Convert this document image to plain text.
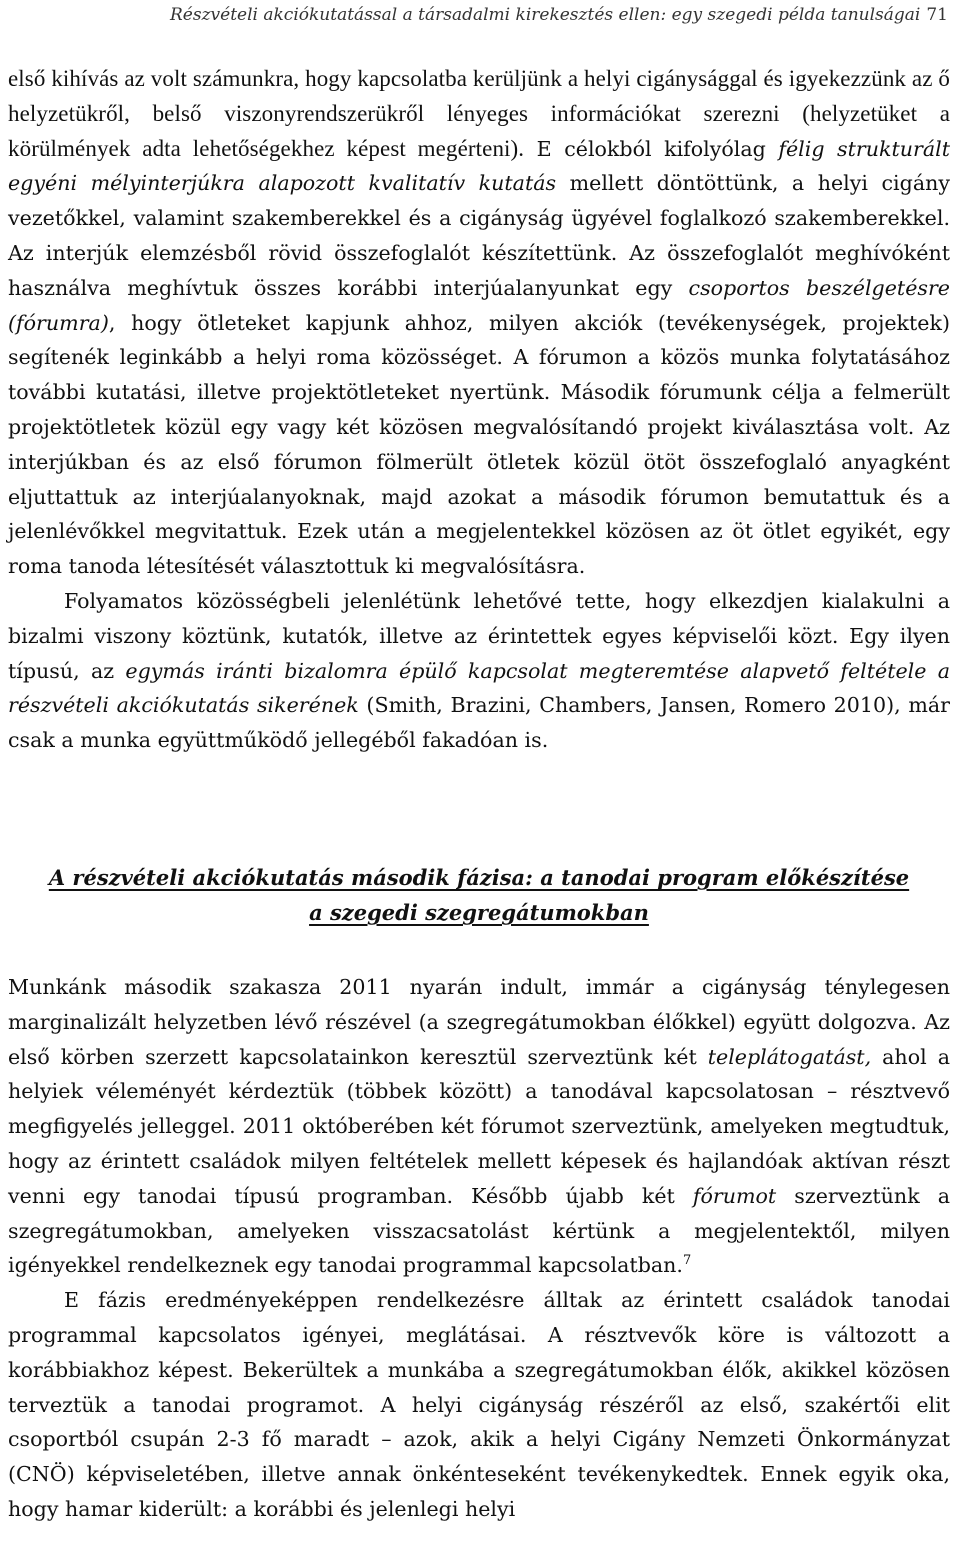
Részvételi akciókutatással a társadalmi kirekesztés ellen: egy szegedi példa tanulságai 71

első kihívás az volt számunkra, hogy kapcsolatba kerüljünk a helyi cigánysággal és igyekezzünk az ő helyzetükről, belső viszonyrendszerükről lényeges információkat szerezni (helyzetüket a körülmények adta lehetőségekhez képest megérteni). E célokból kifolyólag félig strukturált egyéni mélyinterjúkra alapozott kvalitatív kutatás mellett döntöttünk, a helyi cigány vezetőkkel, valamint szakemberekkel és a cigányság ügyével foglalkozó szakemberekkel. Az interjúk elemzésből rövid összefoglalót készítettünk. Az összefoglalót meghívóként használva meghívtuk összes korábbi interjúalanyunkat egy csoportos beszélgetésre (fórumra), hogy ötleteket kapjunk ahhoz, milyen akciók (tevékenységek, projektek) segítenék leginkább a helyi roma közösséget. A fórumon a közös munka folytatásához további kutatási, illetve projektötleteket nyertünk. Második fórumunk célja a felmerült projektötletek közül egy vagy két közösen megvalósítandó projekt kiválasztása volt. Az interjúkban és az első fórumon fölmerült ötletek közül ötöt összefoglaló anyagként eljuttattuk az interjúalanyoknak, majd azokat a második fórumon bemutattuk és a jelenlévőkkel megvitattuk. Ezek után a megjelentekkel közösen az öt ötlet egyikét, egy roma tanoda létesítését választottuk ki megvalósításra.

Folyamatos közösségbeli jelenlétünk lehetővé tette, hogy elkezdjen kialakulni a bizalmi viszony köztünk, kutatók, illetve az érintettek egyes képviselői közt. Egy ilyen típusú, az egymás iránti bizalomra épülő kapcsolat megteremtése alapvető feltétele a részvételi akciókutatás sikerének (Smith, Brazini, Chambers, Jansen, Romero 2010), már csak a munka együttműködő jellegéből fakadóan is.

A részvételi akciókutatás második fázisa: a tanodai program előkészítése
a szegedi szegregátumokban

Munkánk második szakasza 2011 nyarán indult, immár a cigányság ténylegesen marginalizált helyzetben lévő részével (a szegregátumokban élőkkel) együtt dolgozva. Az első körben szerzett kapcsolatainkon keresztül szerveztünk két teleplátogatást, ahol a helyiek véleményét kérdeztük (többek között) a tanodával kapcsolatosan – résztvevő megfigyelés jelleggel. 2011 októberében két fórumot szerveztünk, amelyeken megtudtuk, hogy az érintett családok milyen feltételek mellett képesek és hajlandóak aktívan részt venni egy tanodai típusú programban. Később újabb két fórumot szerveztünk a szegregátumokban, amelyeken visszacsatolást kértünk a megjelentektől, milyen igényekkel rendelkeznek egy tanodai programmal kapcsolatban.$^7$

E fázis eredményeképpen rendelkezésre álltak az érintett családok tanodai programmal kapcsolatos igényei, meglátásai. A résztvevők köre is változott a korábbiakhoz képest. Bekerültek a munkába a szegregátumokban élők, akikkel közösen terveztük a tanodai programot. A helyi cigányság részéről az első, szakértői elit csoportból csupán 2-3 fő maradt – azok, akik a helyi Cigány Nemzeti Önkormányzat (CNÖ) képviseletében, illetve annak önkénteseként tevékenykedtek. Ennek egyik oka, hogy hamar kiderült: a korábbi és jelenlegi helyi
